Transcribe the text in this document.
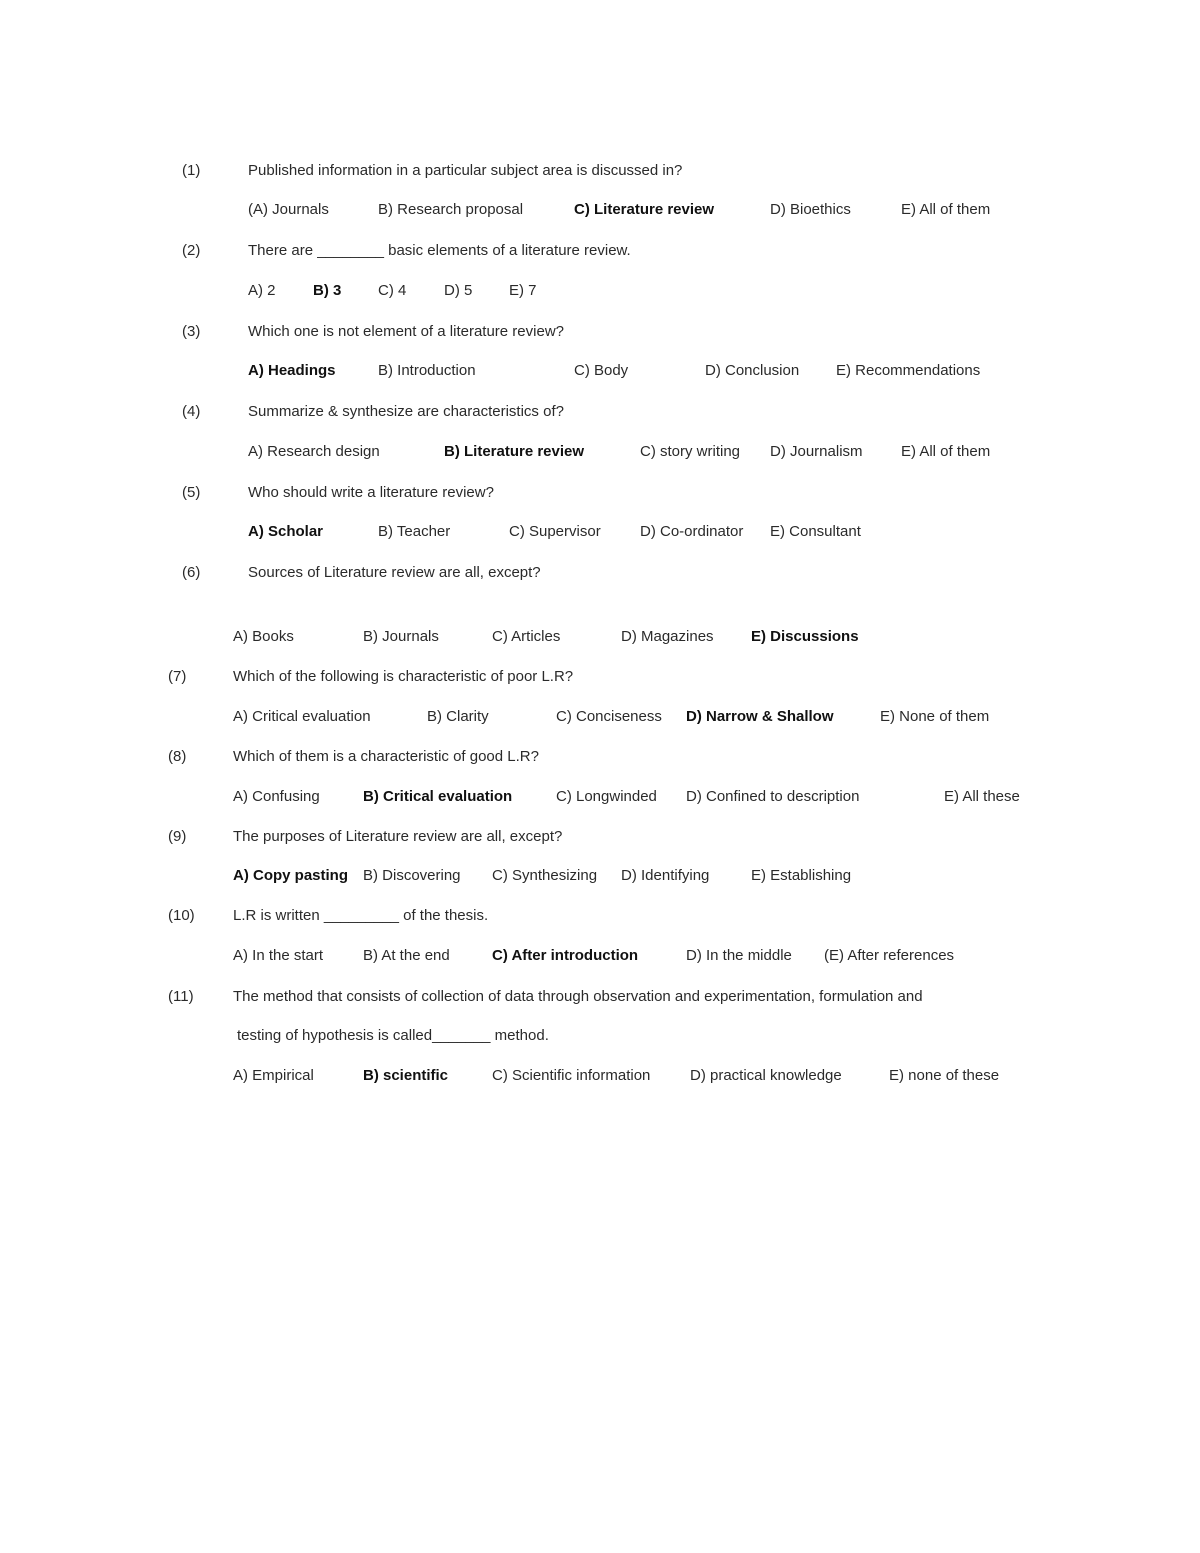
(1)	Published information in a particular subject area is discussed in?
(A) Journals	B) Research proposal	C) Literature review	D) Bioethics	E) All of them
(2)	There are ________ basic elements of a literature review.
A) 2 B) 3 C) 4	D) 5 E) 7
(3)	Which one is not element of a literature review?
A) Headings	B) Introduction	C) Body	D) Conclusion E) Recommendations
(4)	Summarize & synthesize are characteristics of?
A) Research design	B) Literature review	C) story writing D) Journalism	E) All of them
(5)	Who should write a literature review?
A) Scholar	B) Teacher	C) Supervisor	D) Co-ordinator E) Consultant
(6)	Sources of Literature review are all, except?
A) Books	B) Journals	C) Articles	D) Magazines E) Discussions
(7)	Which of the following is characteristic of poor L.R?
A) Critical evaluation	B) Clarity	C) Conciseness D) Narrow & Shallow	E) None of them
(8)	Which of them is a characteristic of good L.R?
A) Confusing	B) Critical evaluation	C) Longwinded D) Confined to description	E) All these
(9)	The purposes of Literature review are all, except?
A) Copy pasting B) Discovering C) Synthesizing D) Identifying	E) Establishing
(10)	L.R is written _________ of the thesis.
A) In the start	B) At the end	C) After introduction	D) In the middle (E) After references
(11)	The method that consists of collection of data through observation and experimentation, formulation and
testing of hypothesis is called_______ method.
A) Empirical	B) scientific	C) Scientific information	D) practical knowledge	E) none of these
